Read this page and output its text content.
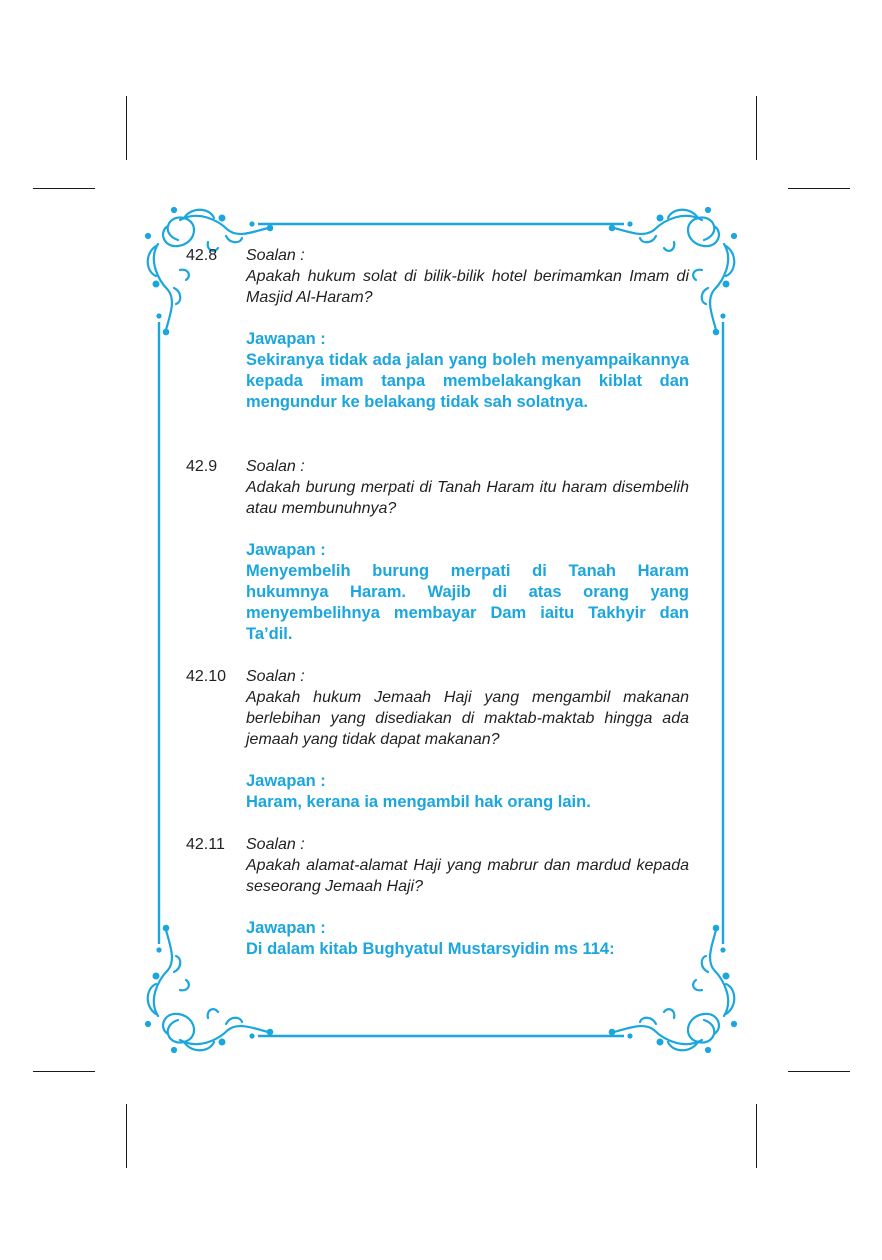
42.8 Soalan :
Apakah hukum solat di bilik-bilik hotel berimamkan Imam di Masjid Al-Haram?
Jawapan :
Sekiranya tidak ada jalan yang boleh menyampaikannya kepada imam tanpa membelakangkan kiblat dan mengundur ke belakang tidak sah solatnya.
42.9 Soalan :
Adakah burung merpati di Tanah Haram itu haram disembelih atau membunuhnya?
Jawapan :
Menyembelih burung merpati di Tanah Haram hukumnya Haram. Wajib di atas orang yang menyembelihnya membayar Dam iaitu Takhyir dan Ta’dil.
42.10 Soalan :
Apakah hukum Jemaah Haji yang mengambil makanan berlebihan yang disediakan di maktab-maktab hingga ada jemaah yang tidak dapat makanan?
Jawapan :
Haram, kerana ia mengambil hak orang lain.
42.11 Soalan :
Apakah alamat-alamat Haji yang mabrur dan mardud kepada seseorang Jemaah Haji?
Jawapan :
Di dalam kitab Bughyatul Mustarsyidin ms 114:
